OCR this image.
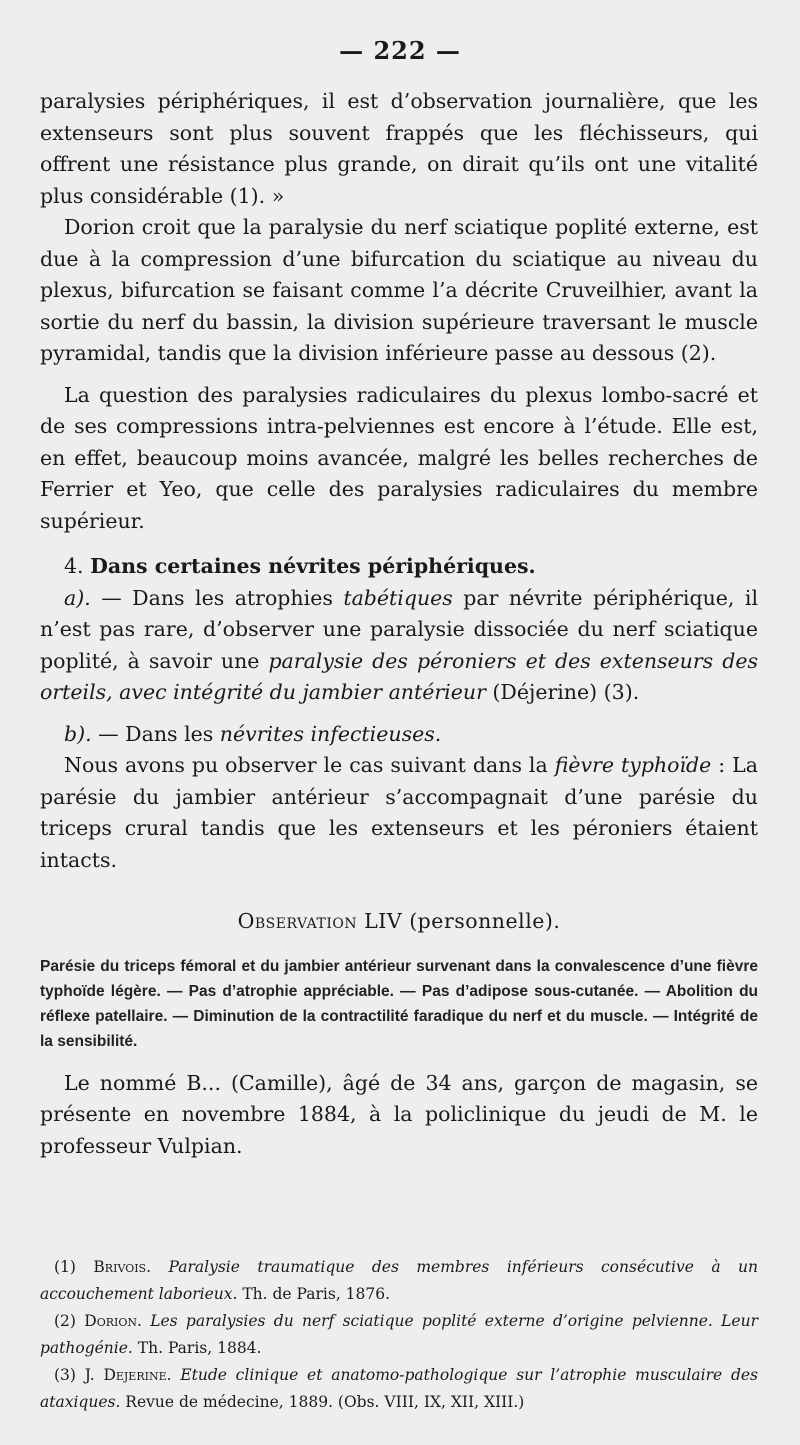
— 222 —

paralysies périphériques, il est d’observation journalière, que les extenseurs sont plus souvent frappés que les fléchisseurs, qui offrent une résistance plus grande, on dirait qu’ils ont une vitalité plus considérable (1). »

Dorion croit que la paralysie du nerf sciatique poplité externe, est due à la compression d’une bifurcation du sciatique au niveau du plexus, bifurcation se faisant comme l’a décrite Cruveilhier, avant la sortie du nerf du bassin, la division supérieure traversant le muscle pyramidal, tandis que la division inférieure passe au dessous (2).

La question des paralysies radiculaires du plexus lombo-sacré et de ses compressions intra-pelviennes est encore à l’étude. Elle est, en effet, beaucoup moins avancée, malgré les belles recherches de Ferrier et Yeo, que celle des paralysies radiculaires du membre supérieur.

4. Dans certaines névrites périphériques.

a). — Dans les atrophies tabétiques par névrite périphérique, il n’est pas rare, d’observer une paralysie dissociée du nerf sciatique poplité, à savoir une paralysie des péroniers et des extenseurs des orteils, avec intégrité du jambier antérieur (Déjerine) (3).

b). — Dans les névrites infectieuses.

Nous avons pu observer le cas suivant dans la fièvre typhoïde : La parésie du jambier antérieur s’accompagnait d’une parésie du triceps crural tandis que les extenseurs et les péroniers étaient intacts.

Observation LIV (personnelle).

Parésie du triceps fémoral et du jambier antérieur survenant dans la convalescence d’une fièvre typhoïde légère. — Pas d’atrophie appréciable. — Pas d’adipose sous-cutanée. — Abolition du réflexe patellaire. — Diminution de la contractilité faradique du nerf et du muscle. — Intégrité de la sensibilité.

Le nommé B... (Camille), âgé de 34 ans, garçon de magasin, se présente en novembre 1884, à la policlinique du jeudi de M. le professeur Vulpian.

(1) Brivois. Paralysie traumatique des membres inférieurs consécutive à un accouchement laborieux. Th. de Paris, 1876.

(2) Dorion. Les paralysies du nerf sciatique poplité externe d’origine pelvienne. Leur pathogénie. Th. Paris, 1884.

(3) J. Dejerine. Etude clinique et anatomo-pathologique sur l’atrophie musculaire des ataxiques. Revue de médecine, 1889. (Obs. VIII, IX, XII, XIII.)
